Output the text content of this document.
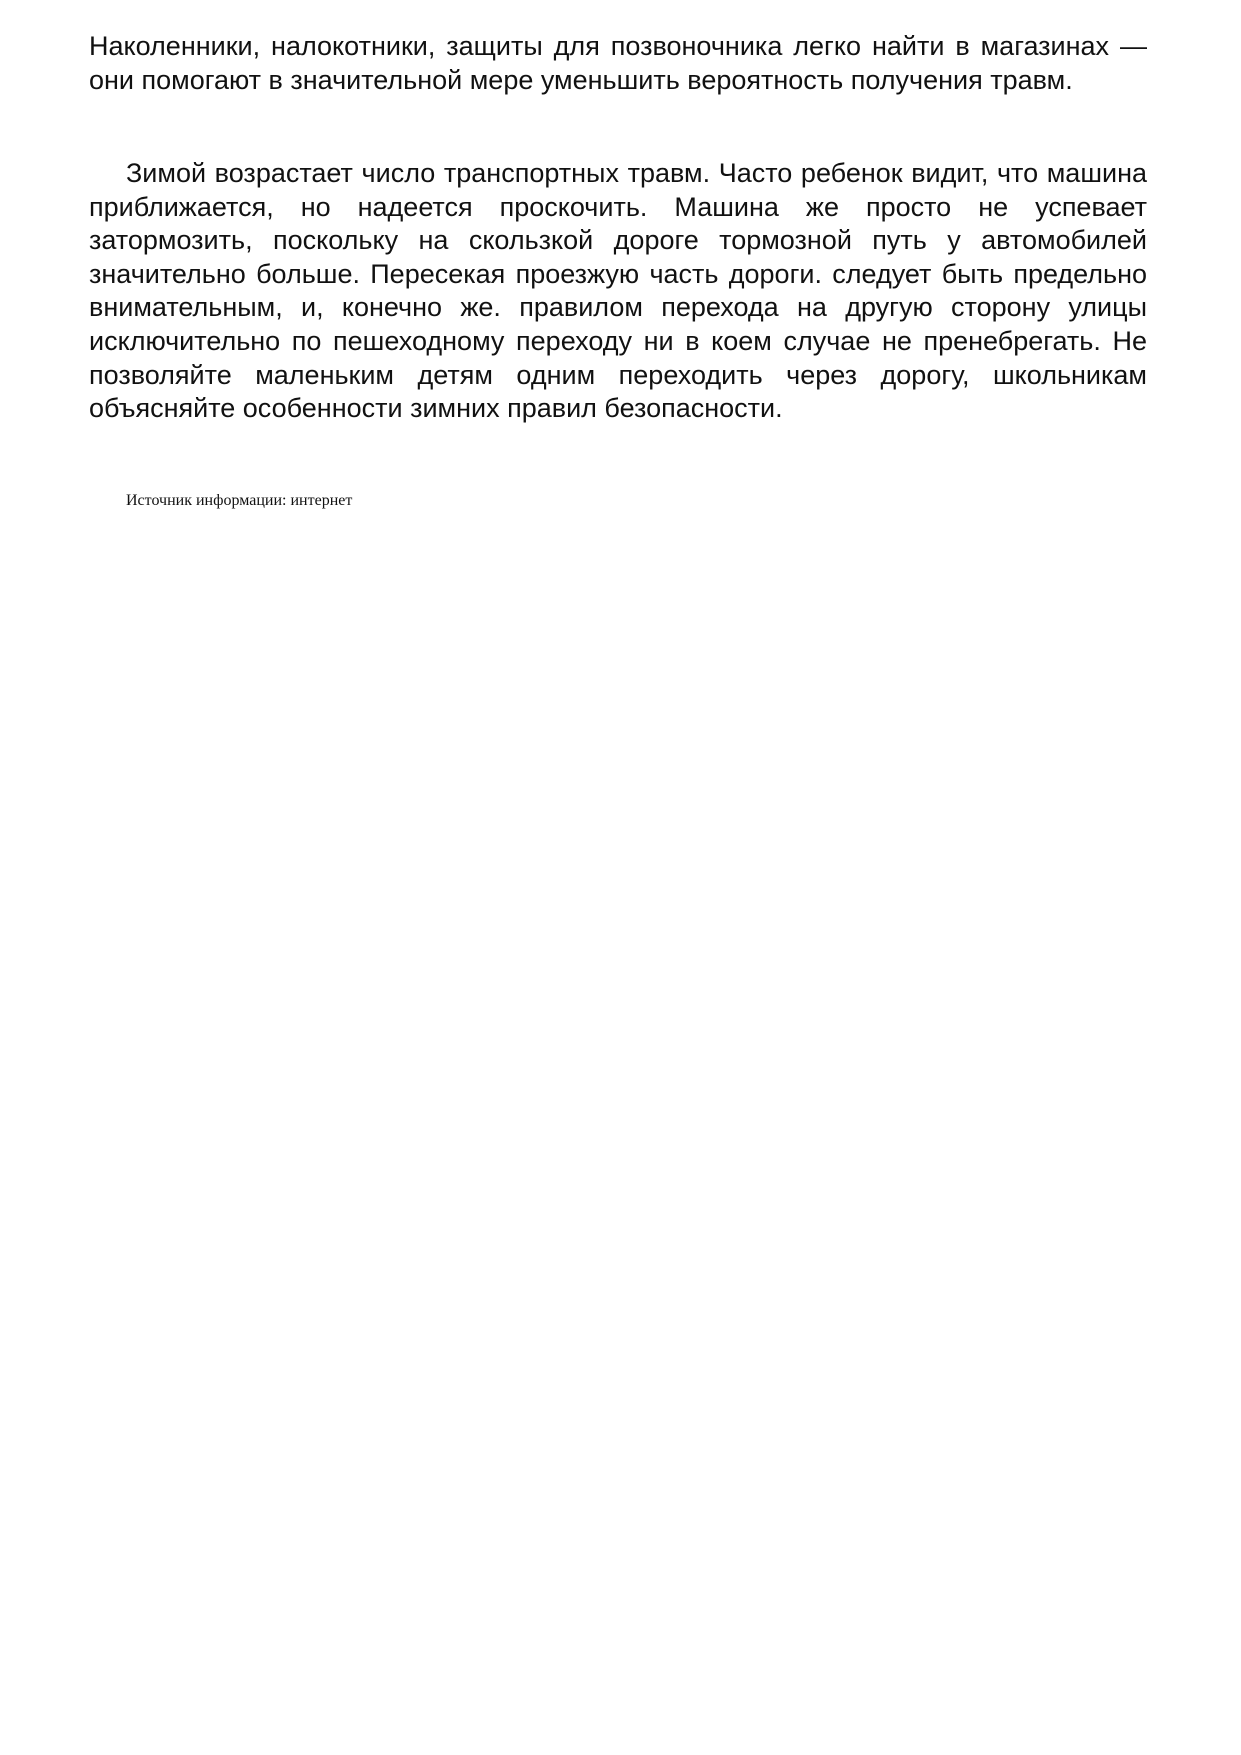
Наколенники, налокотники, защиты для позвоночника легко найти в магазинах — они помогают в значительной мере уменьшить вероятность получения травм.

Зимой возрастает число транспортных травм. Часто ребенок видит, что машина приближается, но надеется проскочить. Машина же просто не успевает затормозить, поскольку на скользкой дороге тормозной путь у автомобилей значительно больше. Пересекая проезжую часть дороги. следует быть предельно внимательным, и, конечно же. правилом перехода на другую сторону улицы исключительно по пешеходному переходу ни в коем случае не пренебрегать. Не позволяйте маленьким детям одним переходить через дорогу, школьникам объясняйте особенности зимних правил безопасности.

Источник информации: интернет
